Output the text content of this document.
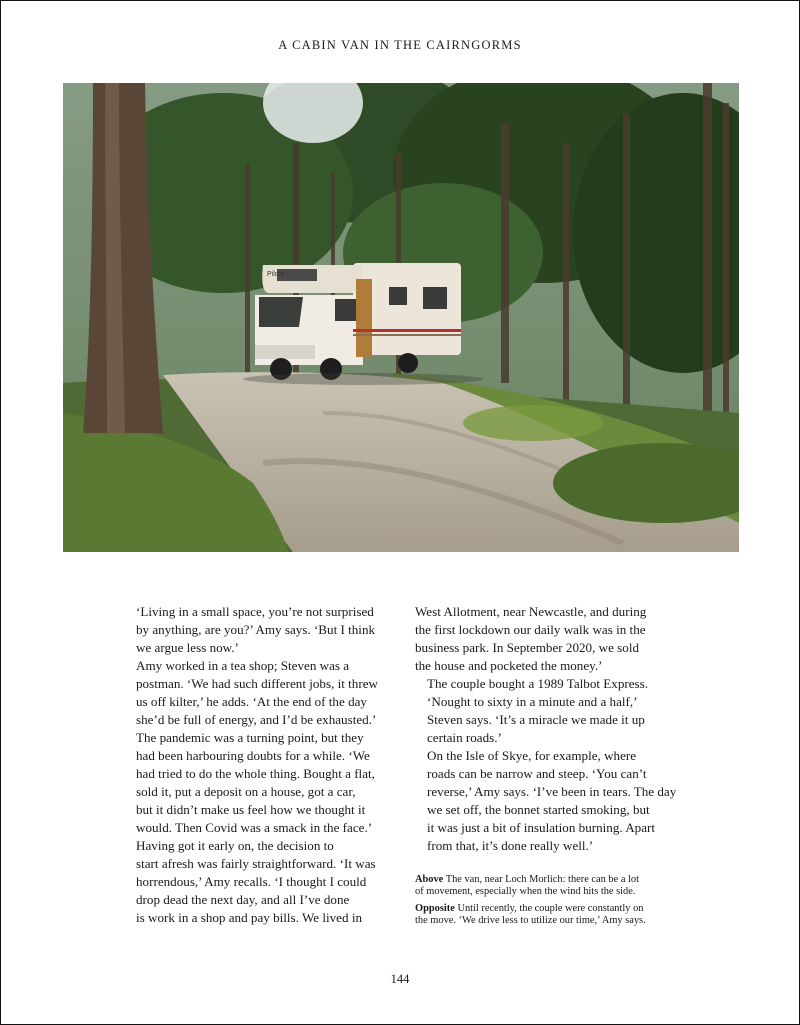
A CABIN VAN IN THE CAIRNGORMS
Pilote

‘Living in a small space, you’re not surprised
by anything, are you?’ Amy says. ‘But I think
we argue less now.’

Amy worked in a tea shop; Steven was a
postman. ‘We had such different jobs, it threw
us off kilter,’ he adds. ‘At the end of the day
she’d be full of energy, and I’d be exhausted.’

The pandemic was a turning point, but they
had been harbouring doubts for a while. ‘We
had tried to do the whole thing. Bought a flat,
sold it, put a deposit on a house, got a car,
but it didn’t make us feel how we thought it
would. Then Covid was a smack in the face.’

Having got it early on, the decision to
start afresh was fairly straightforward. ‘It was
horrendous,’ Amy recalls. ‘I thought I could
drop dead the next day, and all I’ve done
is work in a shop and pay bills. We lived in

West Allotment, near Newcastle, and during
the first lockdown our daily walk was in the
business park. In September 2020, we sold
the house and pocketed the money.’

The couple bought a 1989 Talbot Express.
‘Nought to sixty in a minute and a half,’
Steven says. ‘It’s a miracle we made it up
certain roads.’

On the Isle of Skye, for example, where
roads can be narrow and steep. ‘You can’t
reverse,’ Amy says. ‘I’ve been in tears. The day
we set off, the bonnet started smoking, but
it was just a bit of insulation burning. Apart
from that, it’s done really well.’

Above The van, near Loch Morlich: there can be a lot
of movement, especially when the wind hits the side.

Opposite Until recently, the couple were constantly on
the move. ‘We drive less to utilize our time,’ Amy says.

144
